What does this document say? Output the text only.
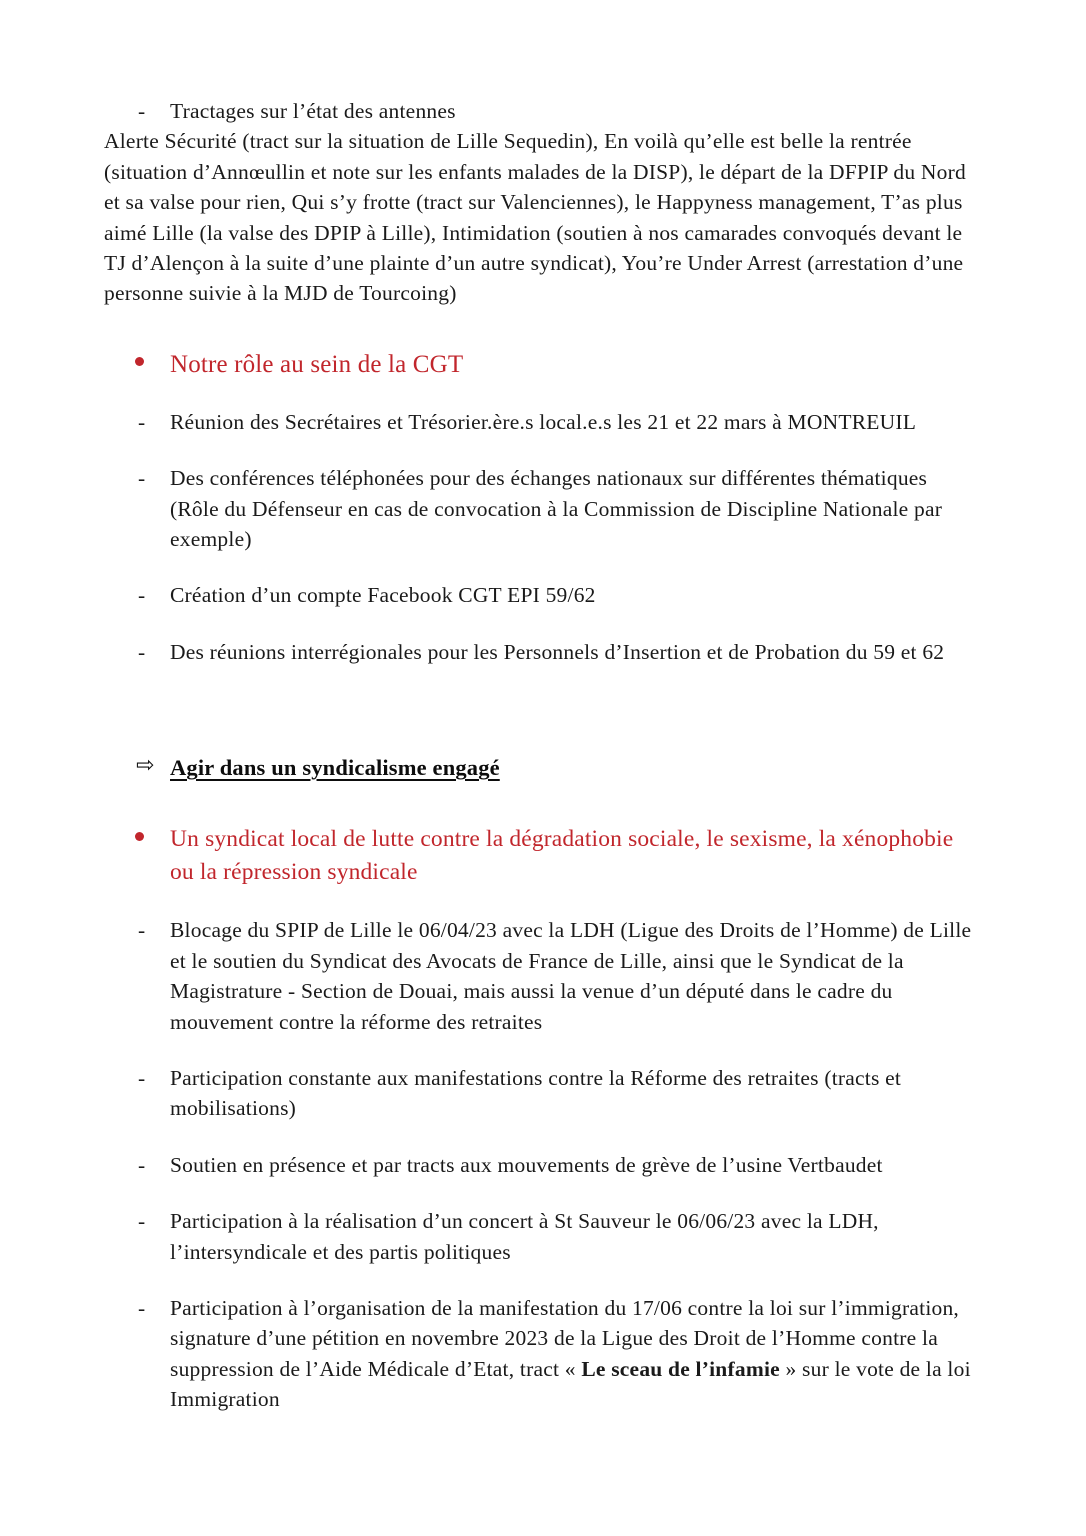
-	Tractages sur l’état des antennes

Alerte Sécurité (tract sur la situation de Lille Sequedin), En voilà qu’elle est belle la rentrée (situation d’Annœullin et note sur les enfants malades de la DISP), le départ de la DFPIP du Nord et sa valse pour rien, Qui s’y frotte (tract sur Valenciennes), le Happyness management, T’as plus aimé Lille (la valse des DPIP à Lille), Intimidation (soutien à nos camarades convoqués devant le TJ d’Alençon à la suite d’une plainte d’un autre syndicat), You’re Under Arrest (arrestation d’une personne suivie à la MJD de Tourcoing)

Notre rôle au sein de la CGT

-	Réunion des Secrétaires et Trésorier.ère.s local.e.s les 21 et 22 mars à MONTREUIL

-	Des conférences téléphonées pour des échanges nationaux sur différentes thématiques (Rôle du Défenseur en cas de convocation à la Commission de Discipline Nationale par exemple)

-	Création d’un compte Facebook CGT EPI 59/62

-	Des réunions interrégionales pour les Personnels d’Insertion et de Probation du 59 et 62

⇨ Agir dans un syndicalisme engagé
Un syndicat local de lutte contre la dégradation sociale, le sexisme, la xénophobie ou la répression syndicale

-	Blocage du SPIP de Lille le 06/04/23 avec la LDH (Ligue des Droits de l’Homme) de Lille et le soutien du Syndicat des Avocats de France de Lille, ainsi que le Syndicat de la Magistrature - Section de Douai, mais aussi la venue d’un député dans le cadre du mouvement contre la réforme des retraites

-	Participation constante aux manifestations contre la Réforme des retraites (tracts et mobilisations)

-	Soutien en présence et par tracts aux mouvements de grève de l’usine Vertbaudet

-	Participation à la réalisation d’un concert à St Sauveur le 06/06/23 avec la LDH, l’intersyndicale et des partis politiques

-	Participation à l’organisation de la manifestation du 17/06 contre la loi sur l’immigration, signature d’une pétition en novembre 2023 de la Ligue des Droit de l’Homme contre la suppression de l’Aide Médicale d’Etat, tract « Le sceau de l’infamie » sur le vote de la loi Immigration
